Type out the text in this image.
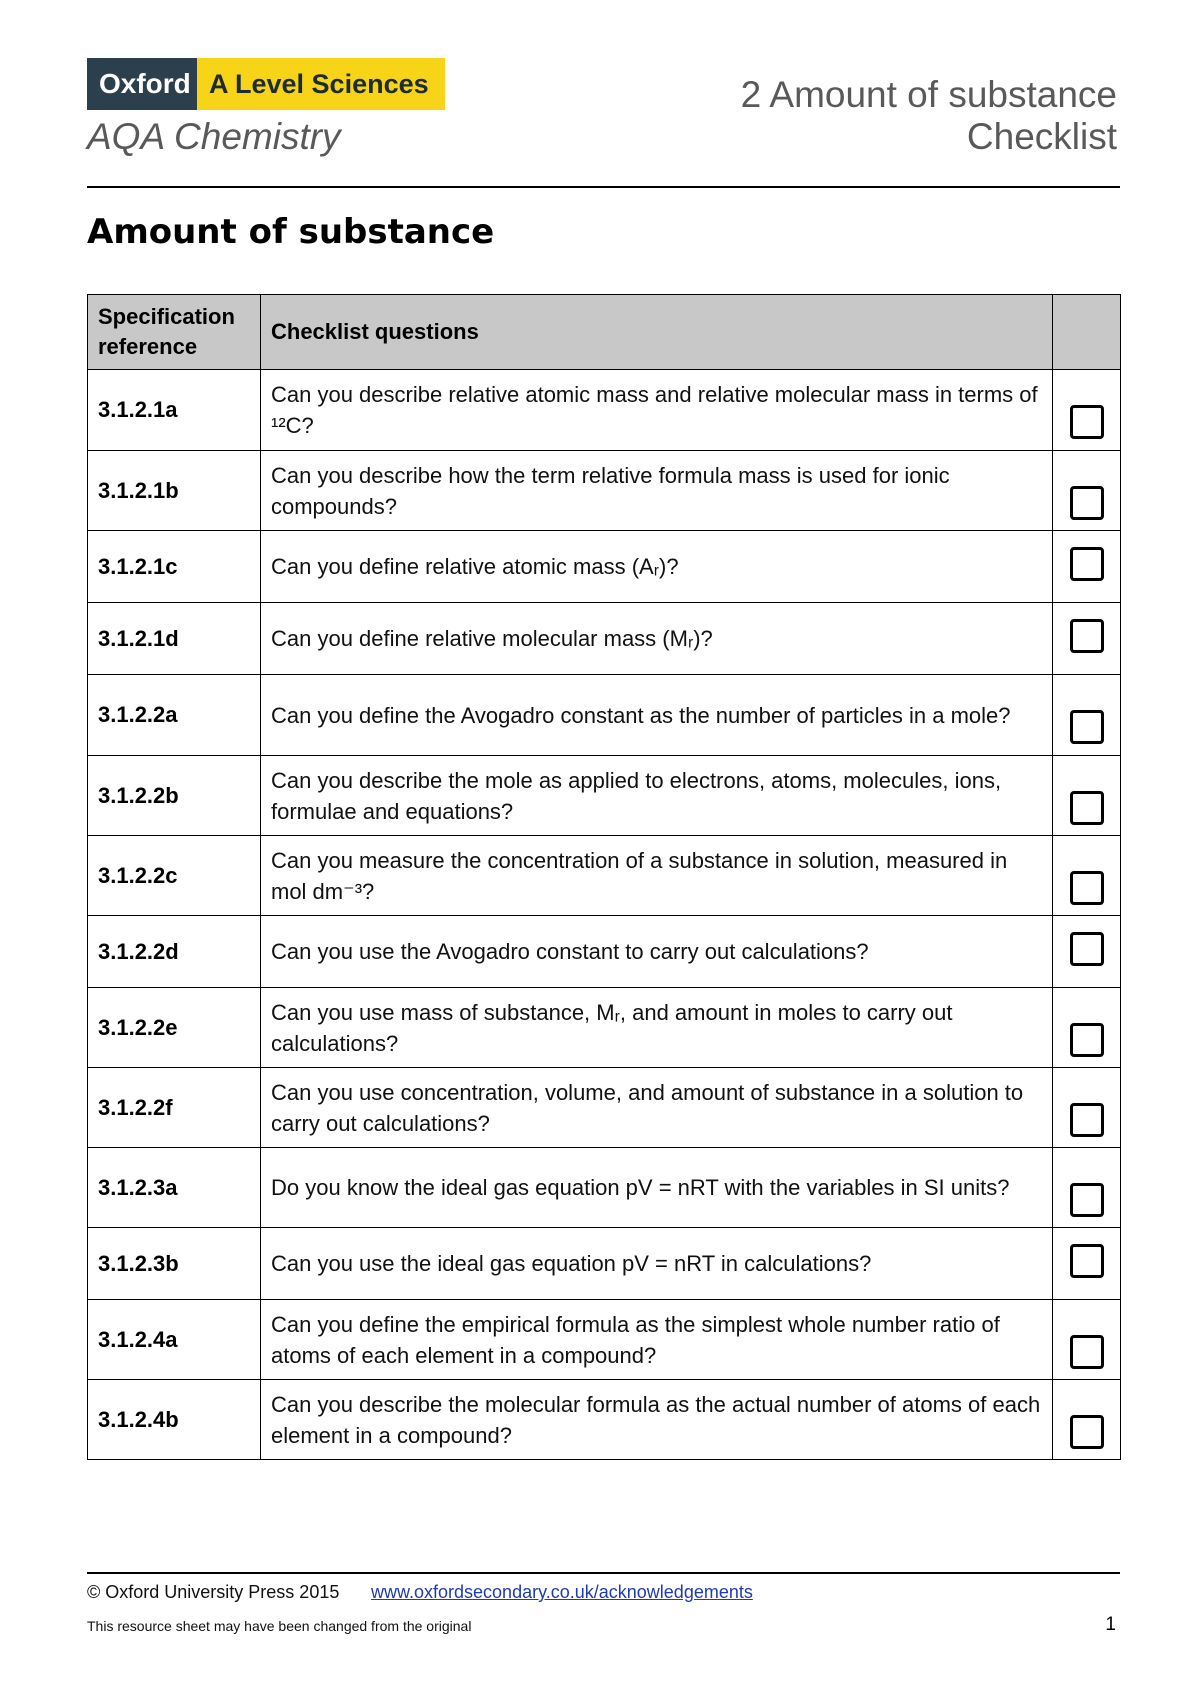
Oxford A Level Sciences
AQA Chemistry
2 Amount of substance
Checklist
Amount of substance
Specification reference	Checklist questions	
3.1.2.1a	Can you describe relative atomic mass and relative molecular mass in terms of ¹²C?	
3.1.2.1b	Can you describe how the term relative formula mass is used for ionic compounds?	
3.1.2.1c	Can you define relative atomic mass (Aᵣ)?	
3.1.2.1d	Can you define relative molecular mass (Mᵣ)?	
3.1.2.2a	Can you define the Avogadro constant as the number of particles in a mole?	
3.1.2.2b	Can you describe the mole as applied to electrons, atoms, molecules, ions, formulae and equations?	
3.1.2.2c	Can you measure the concentration of a substance in solution, measured in mol dm⁻³?	
3.1.2.2d	Can you use the Avogadro constant to carry out calculations?	
3.1.2.2e	Can you use mass of substance, Mᵣ, and amount in moles to carry out calculations?	
3.1.2.2f	Can you use concentration, volume, and amount of substance in a solution to carry out calculations?	
3.1.2.3a	Do you know the ideal gas equation pV = nRT with the variables in SI units?	
3.1.2.3b	Can you use the ideal gas equation pV = nRT in calculations?	
3.1.2.4a	Can you define the empirical formula as the simplest whole number ratio of atoms of each element in a compound?	
3.1.2.4b	Can you describe the molecular formula as the actual number of atoms of each element in a compound?	
© Oxford University Press 2015 www.oxfordsecondary.co.uk/acknowledgements
This resource sheet may have been changed from the original	1
